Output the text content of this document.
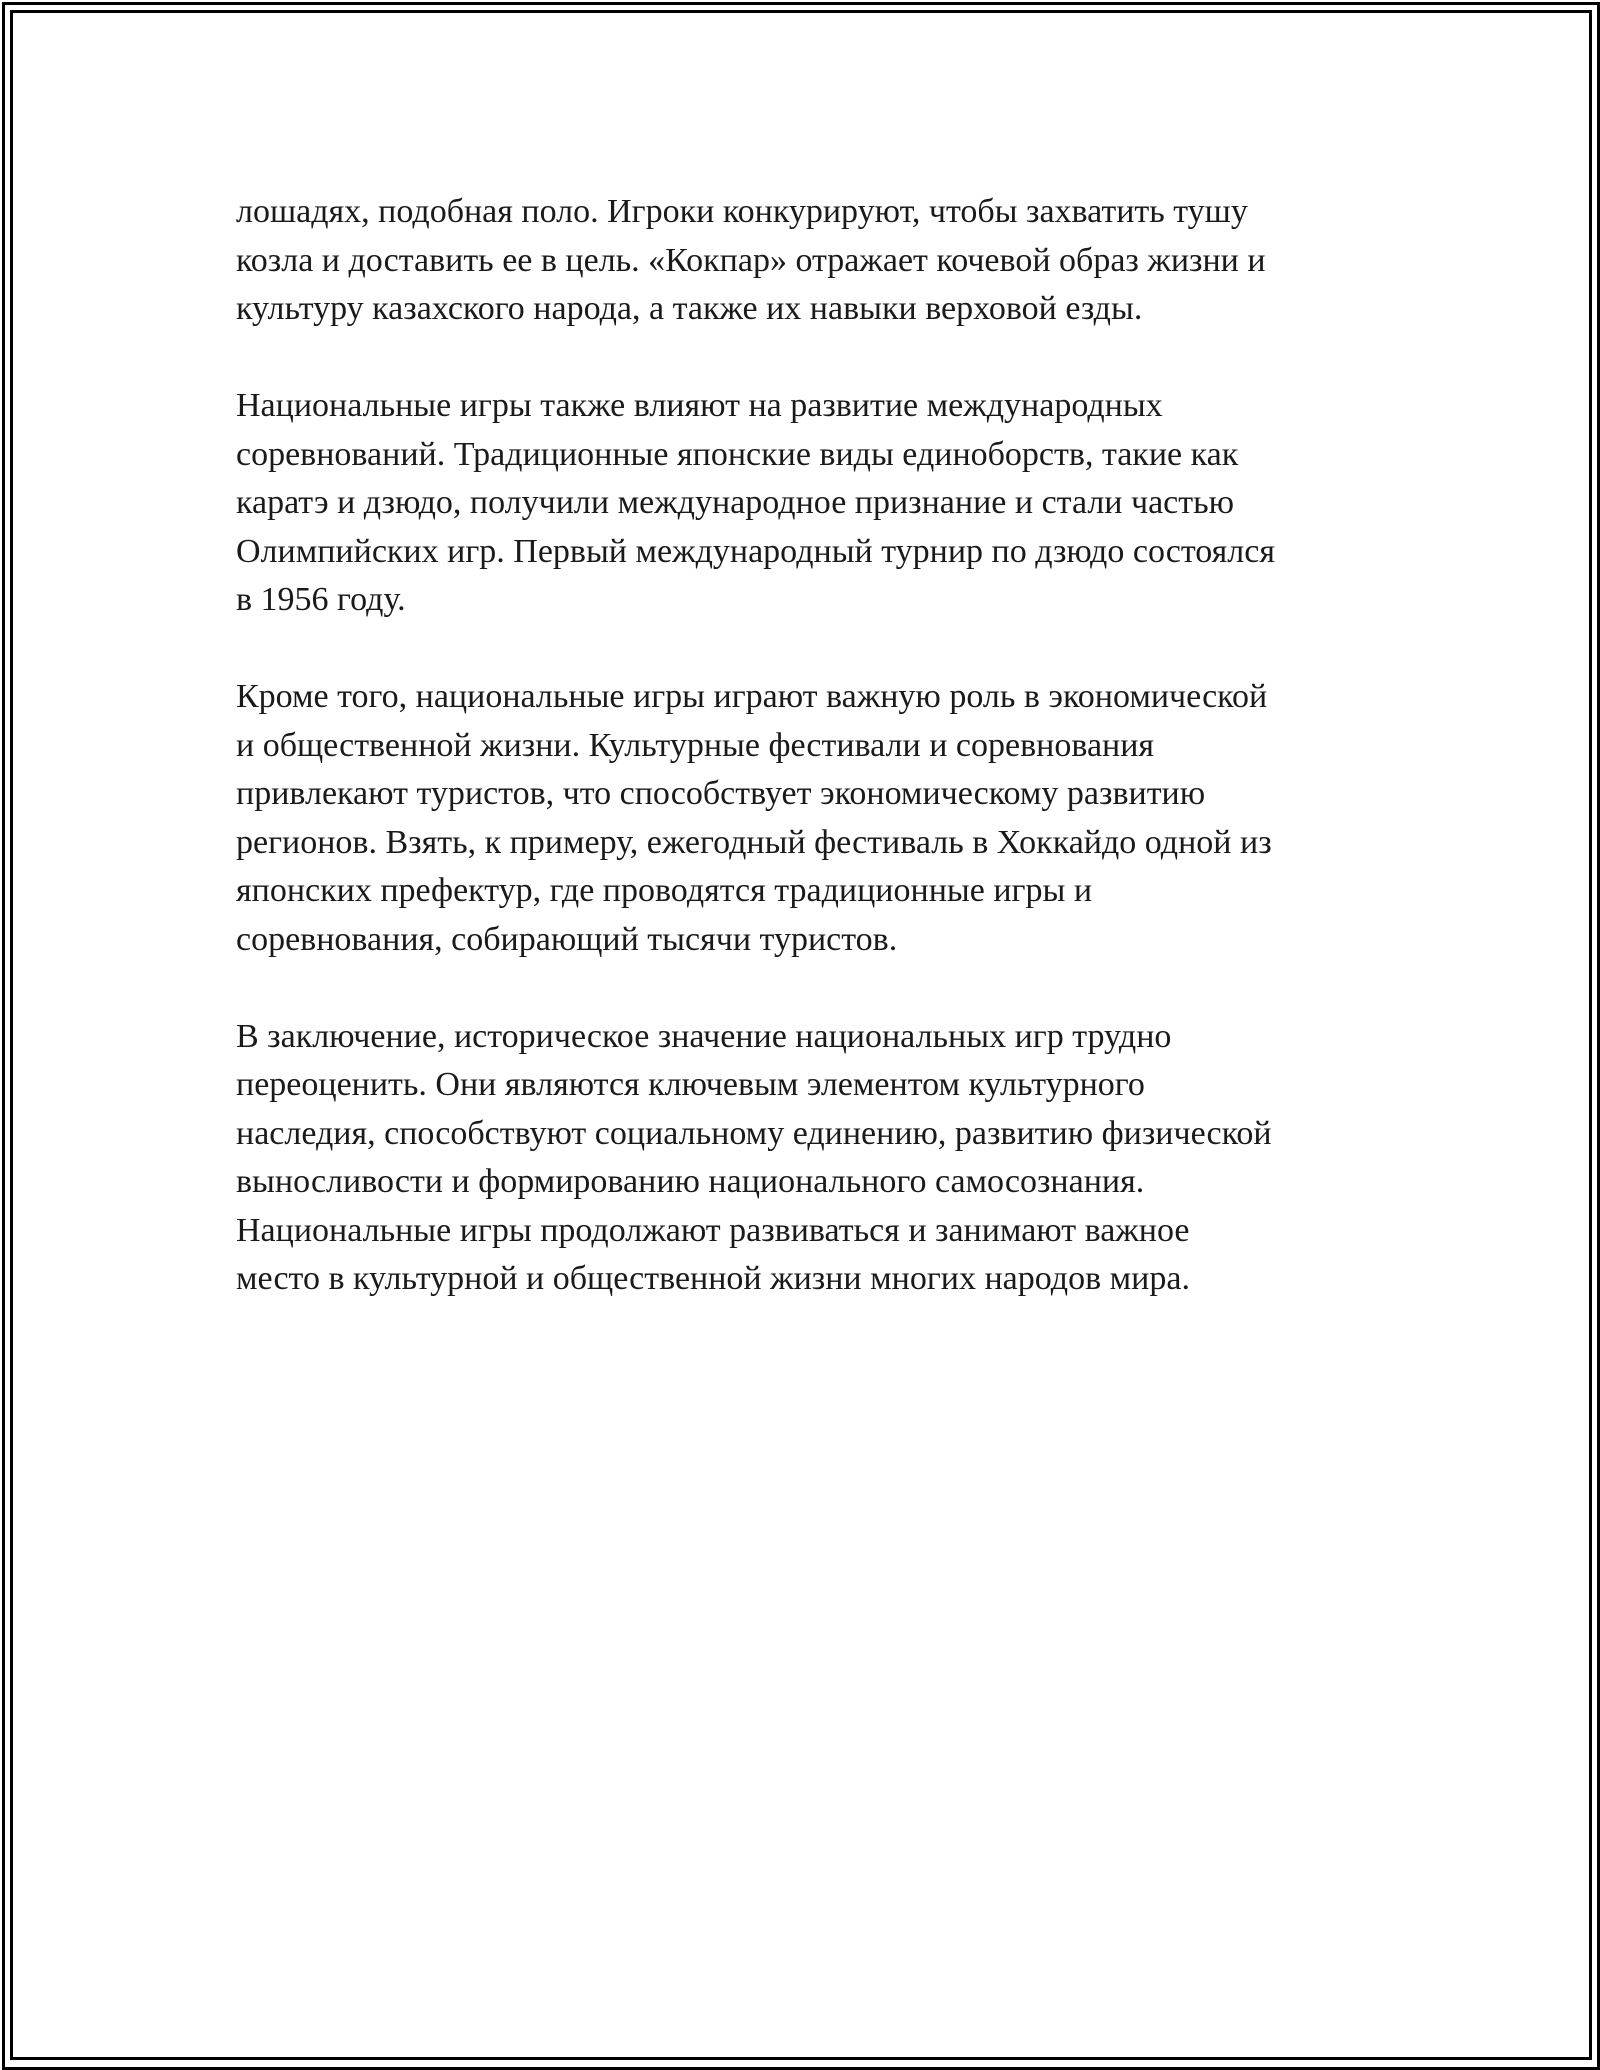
лошадях, подобная поло. Игроки конкурируют, чтобы захватить тушу
козла и доставить ее в цель. «Кокпар» отражает кочевой образ жизни и
культуру казахского народа, а также их навыки верховой езды.

Национальные игры также влияют на развитие международных
соревнований. Традиционные японские виды единоборств, такие как
каратэ и дзюдо, получили международное признание и стали частью
Олимпийских игр. Первый международный турнир по дзюдо состоялся
в 1956 году.

Кроме того, национальные игры играют важную роль в экономической
и общественной жизни. Культурные фестивали и соревнования
привлекают туристов, что способствует экономическому развитию
регионов. Взять, к примеру, ежегодный фестиваль в Хоккайдо одной из
японских префектур, где проводятся традиционные игры и
соревнования, собирающий тысячи туристов.

В заключение, историческое значение национальных игр трудно
переоценить. Они являются ключевым элементом культурного
наследия, способствуют социальному единению, развитию физической
выносливости и формированию национального самосознания.
Национальные игры продолжают развиваться и занимают важное
место в культурной и общественной жизни многих народов мира.
